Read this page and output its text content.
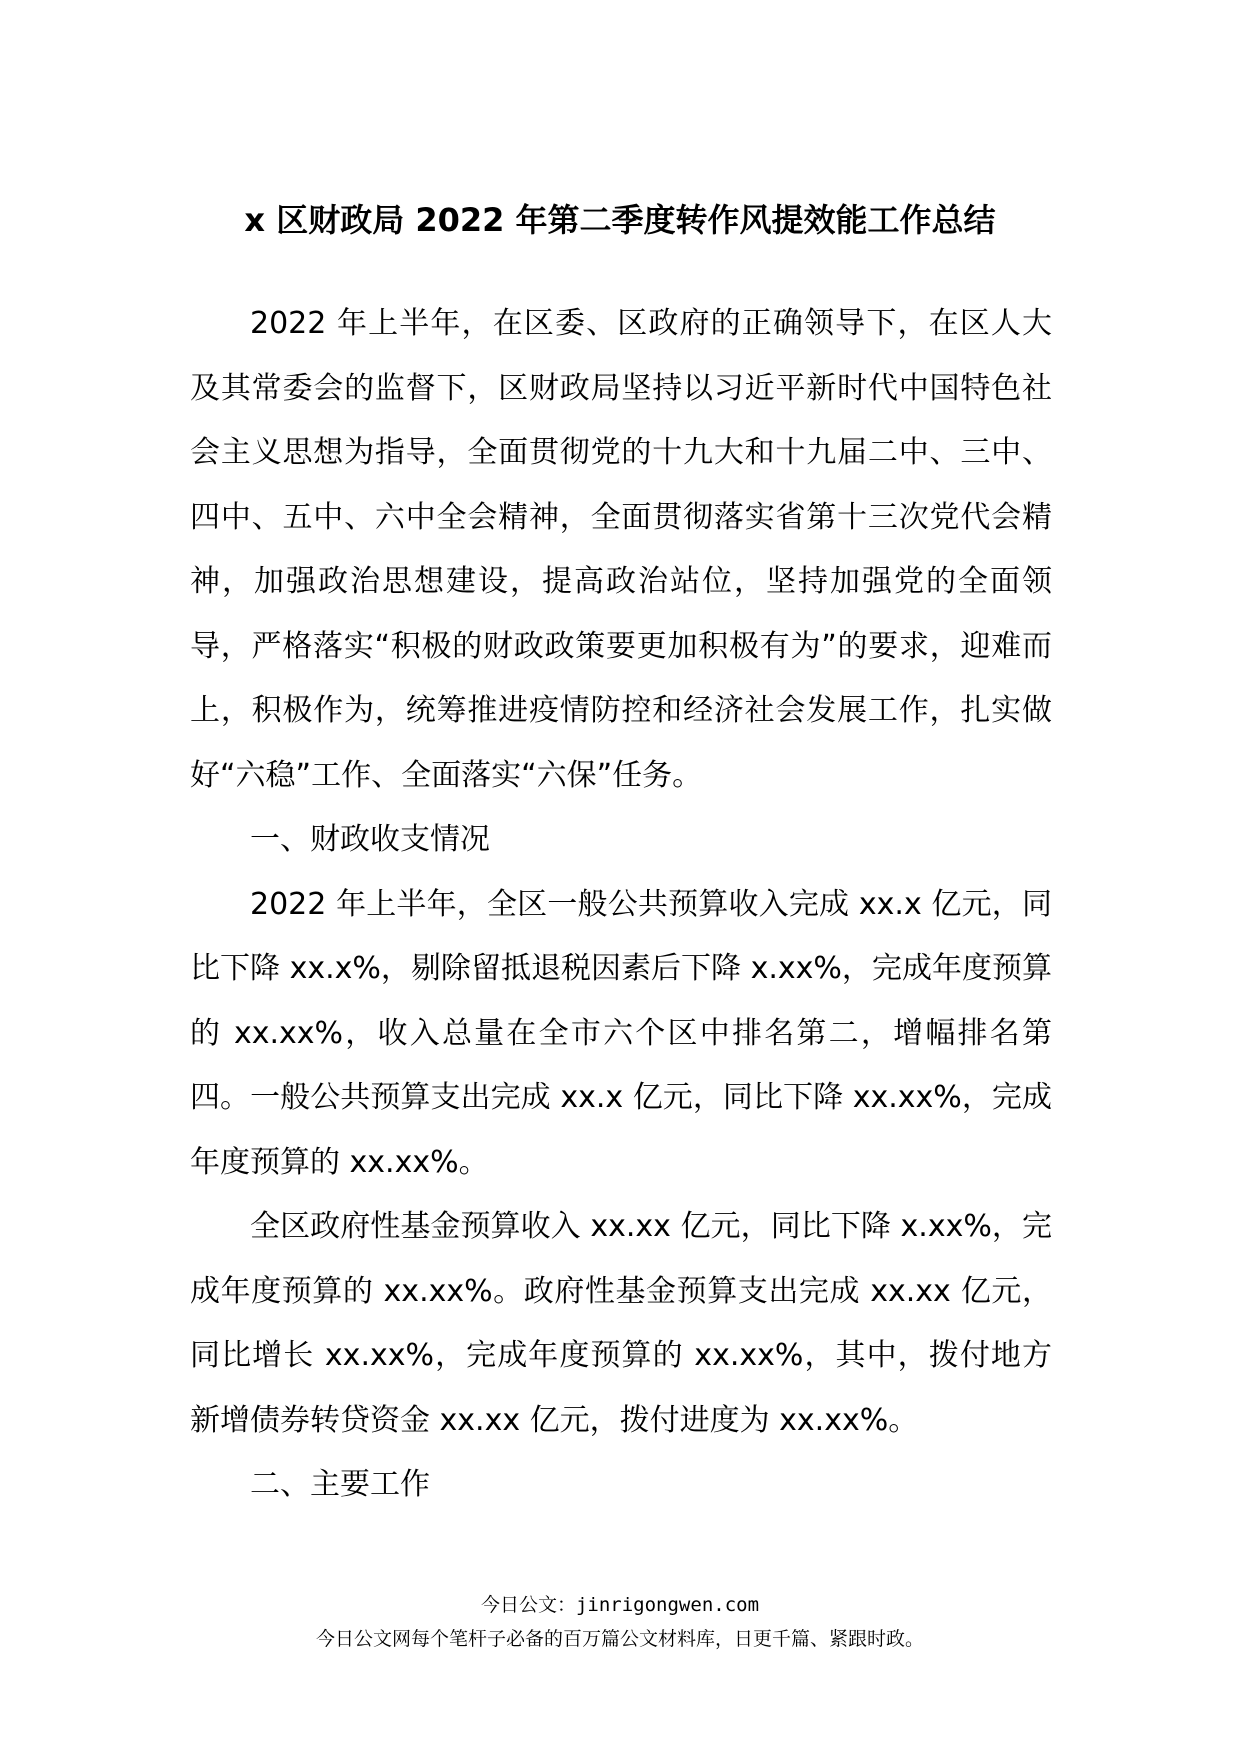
x 区财政局 2022 年第二季度转作风提效能工作总结

2022 年上半年，在区委、区政府的正确领导下，在区人大及其常委会的监督下，区财政局坚持以习近平新时代中国特色社会主义思想为指导，全面贯彻党的十九大和十九届二中、三中、四中、五中、六中全会精神，全面贯彻落实省第十三次党代会精神，加强政治思想建设，提高政治站位，坚持加强党的全面领导，严格落实“积极的财政政策要更加积极有为”的要求，迎难而上，积极作为，统筹推进疫情防控和经济社会发展工作，扎实做好“六稳”工作、全面落实“六保”任务。

一、财政收支情况

2022 年上半年，全区一般公共预算收入完成 xx.x 亿元，同比下降 xx.x%，剔除留抵退税因素后下降 x.xx%，完成年度预算的 xx.xx%，收入总量在全市六个区中排名第二，增幅排名第四。一般公共预算支出完成 xx.x 亿元，同比下降 xx.xx%，完成年度预算的 xx.xx%。

全区政府性基金预算收入 xx.xx 亿元，同比下降 x.xx%，完成年度预算的 xx.xx%。政府性基金预算支出完成 xx.xx 亿元，同比增长 xx.xx%，完成年度预算的 xx.xx%，其中，拨付地方新增债券转贷资金 xx.xx 亿元，拨付进度为 xx.xx%。

二、主要工作

今日公文：jinrigongwen.com
今日公文网每个笔杆子必备的百万篇公文材料库，日更千篇、紧跟时政。
